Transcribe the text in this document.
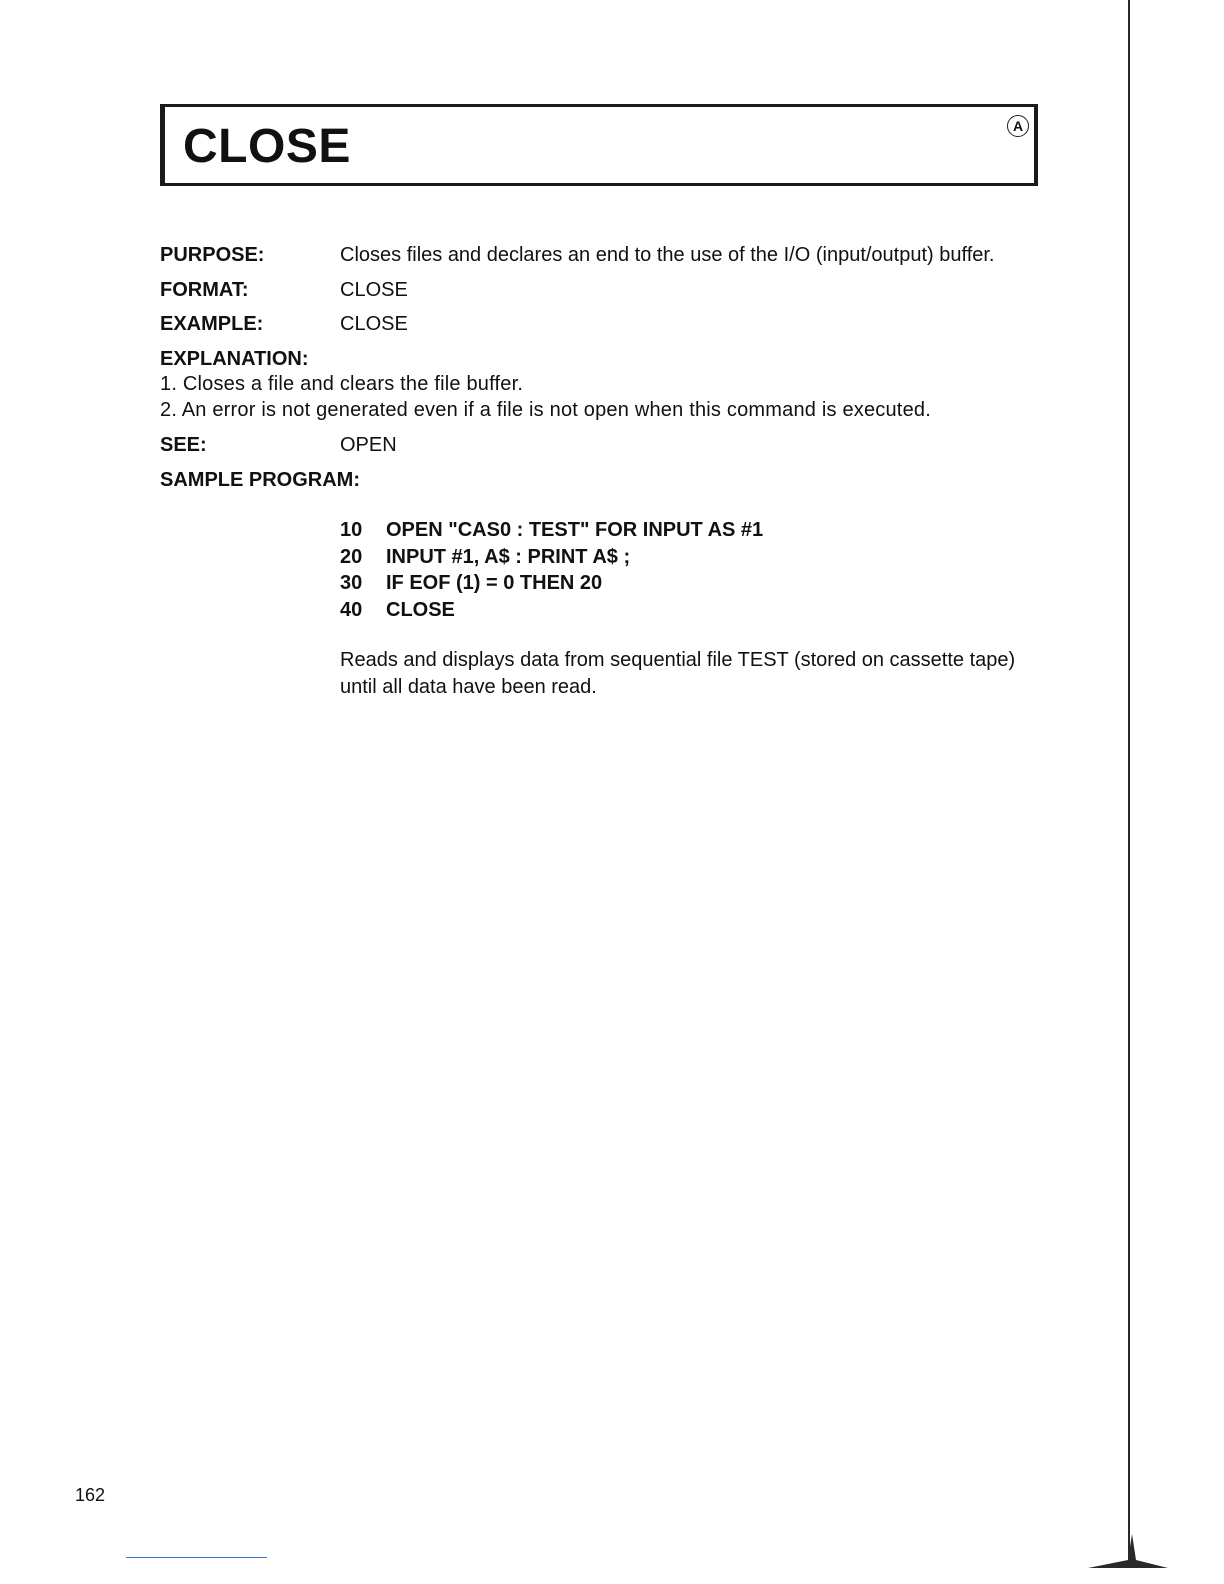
CLOSE	A
PURPOSE:	Closes files and declares an end to the use of the I/O (input/output) buffer.
FORMAT:	CLOSE
EXAMPLE:	CLOSE
EXPLANATION:
1. Closes a file and clears the file buffer.
2. An error is not generated even if a file is not open when this command is executed.
SEE:	OPEN
SAMPLE PROGRAM:
10 OPEN "CAS0 : TEST" FOR INPUT AS #1
20 INPUT #1, A$ : PRINT A$ ;
30 IF EOF (1) = 0 THEN 20
40 CLOSE
Reads and displays data from sequential file TEST (stored on cassette tape) until all data have been read.
162
